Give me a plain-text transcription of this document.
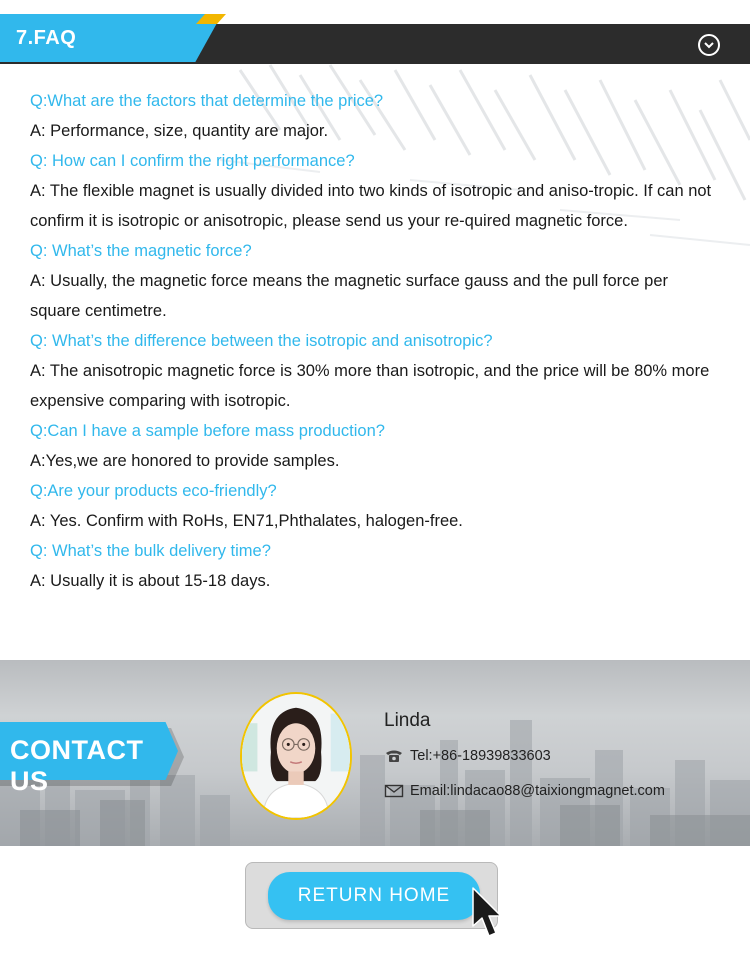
7.FAQ
Q:What are the factors that determine the price?
A: Performance, size, quantity are major.
Q: How can I confirm the right performance?
A: The flexible magnet is usually divided into two kinds of isotropic and aniso-tropic. If can not confirm it is isotropic or anisotropic, please send us your re-quired magnetic force.
Q: What’s the magnetic force?
A: Usually, the magnetic force means the magnetic surface gauss and the pull force per square centimetre.
Q: What’s the difference between the isotropic and anisotropic?
A: The anisotropic magnetic force is 30% more than isotropic, and the price will be 80% more expensive comparing with isotropic.
Q:Can I have a sample before mass production?
A:Yes,we are honored to provide samples.
Q:Are your products eco-friendly?
A: Yes. Confirm with RoHs, EN71,Phthalates, halogen-free.
Q: What’s the bulk delivery time?
A: Usually it is about 15-18 days.
CONTACT US
Linda
Tel:+86-18939833603
Email:lindacao88@taixiongmagnet.com
RETURN HOME
